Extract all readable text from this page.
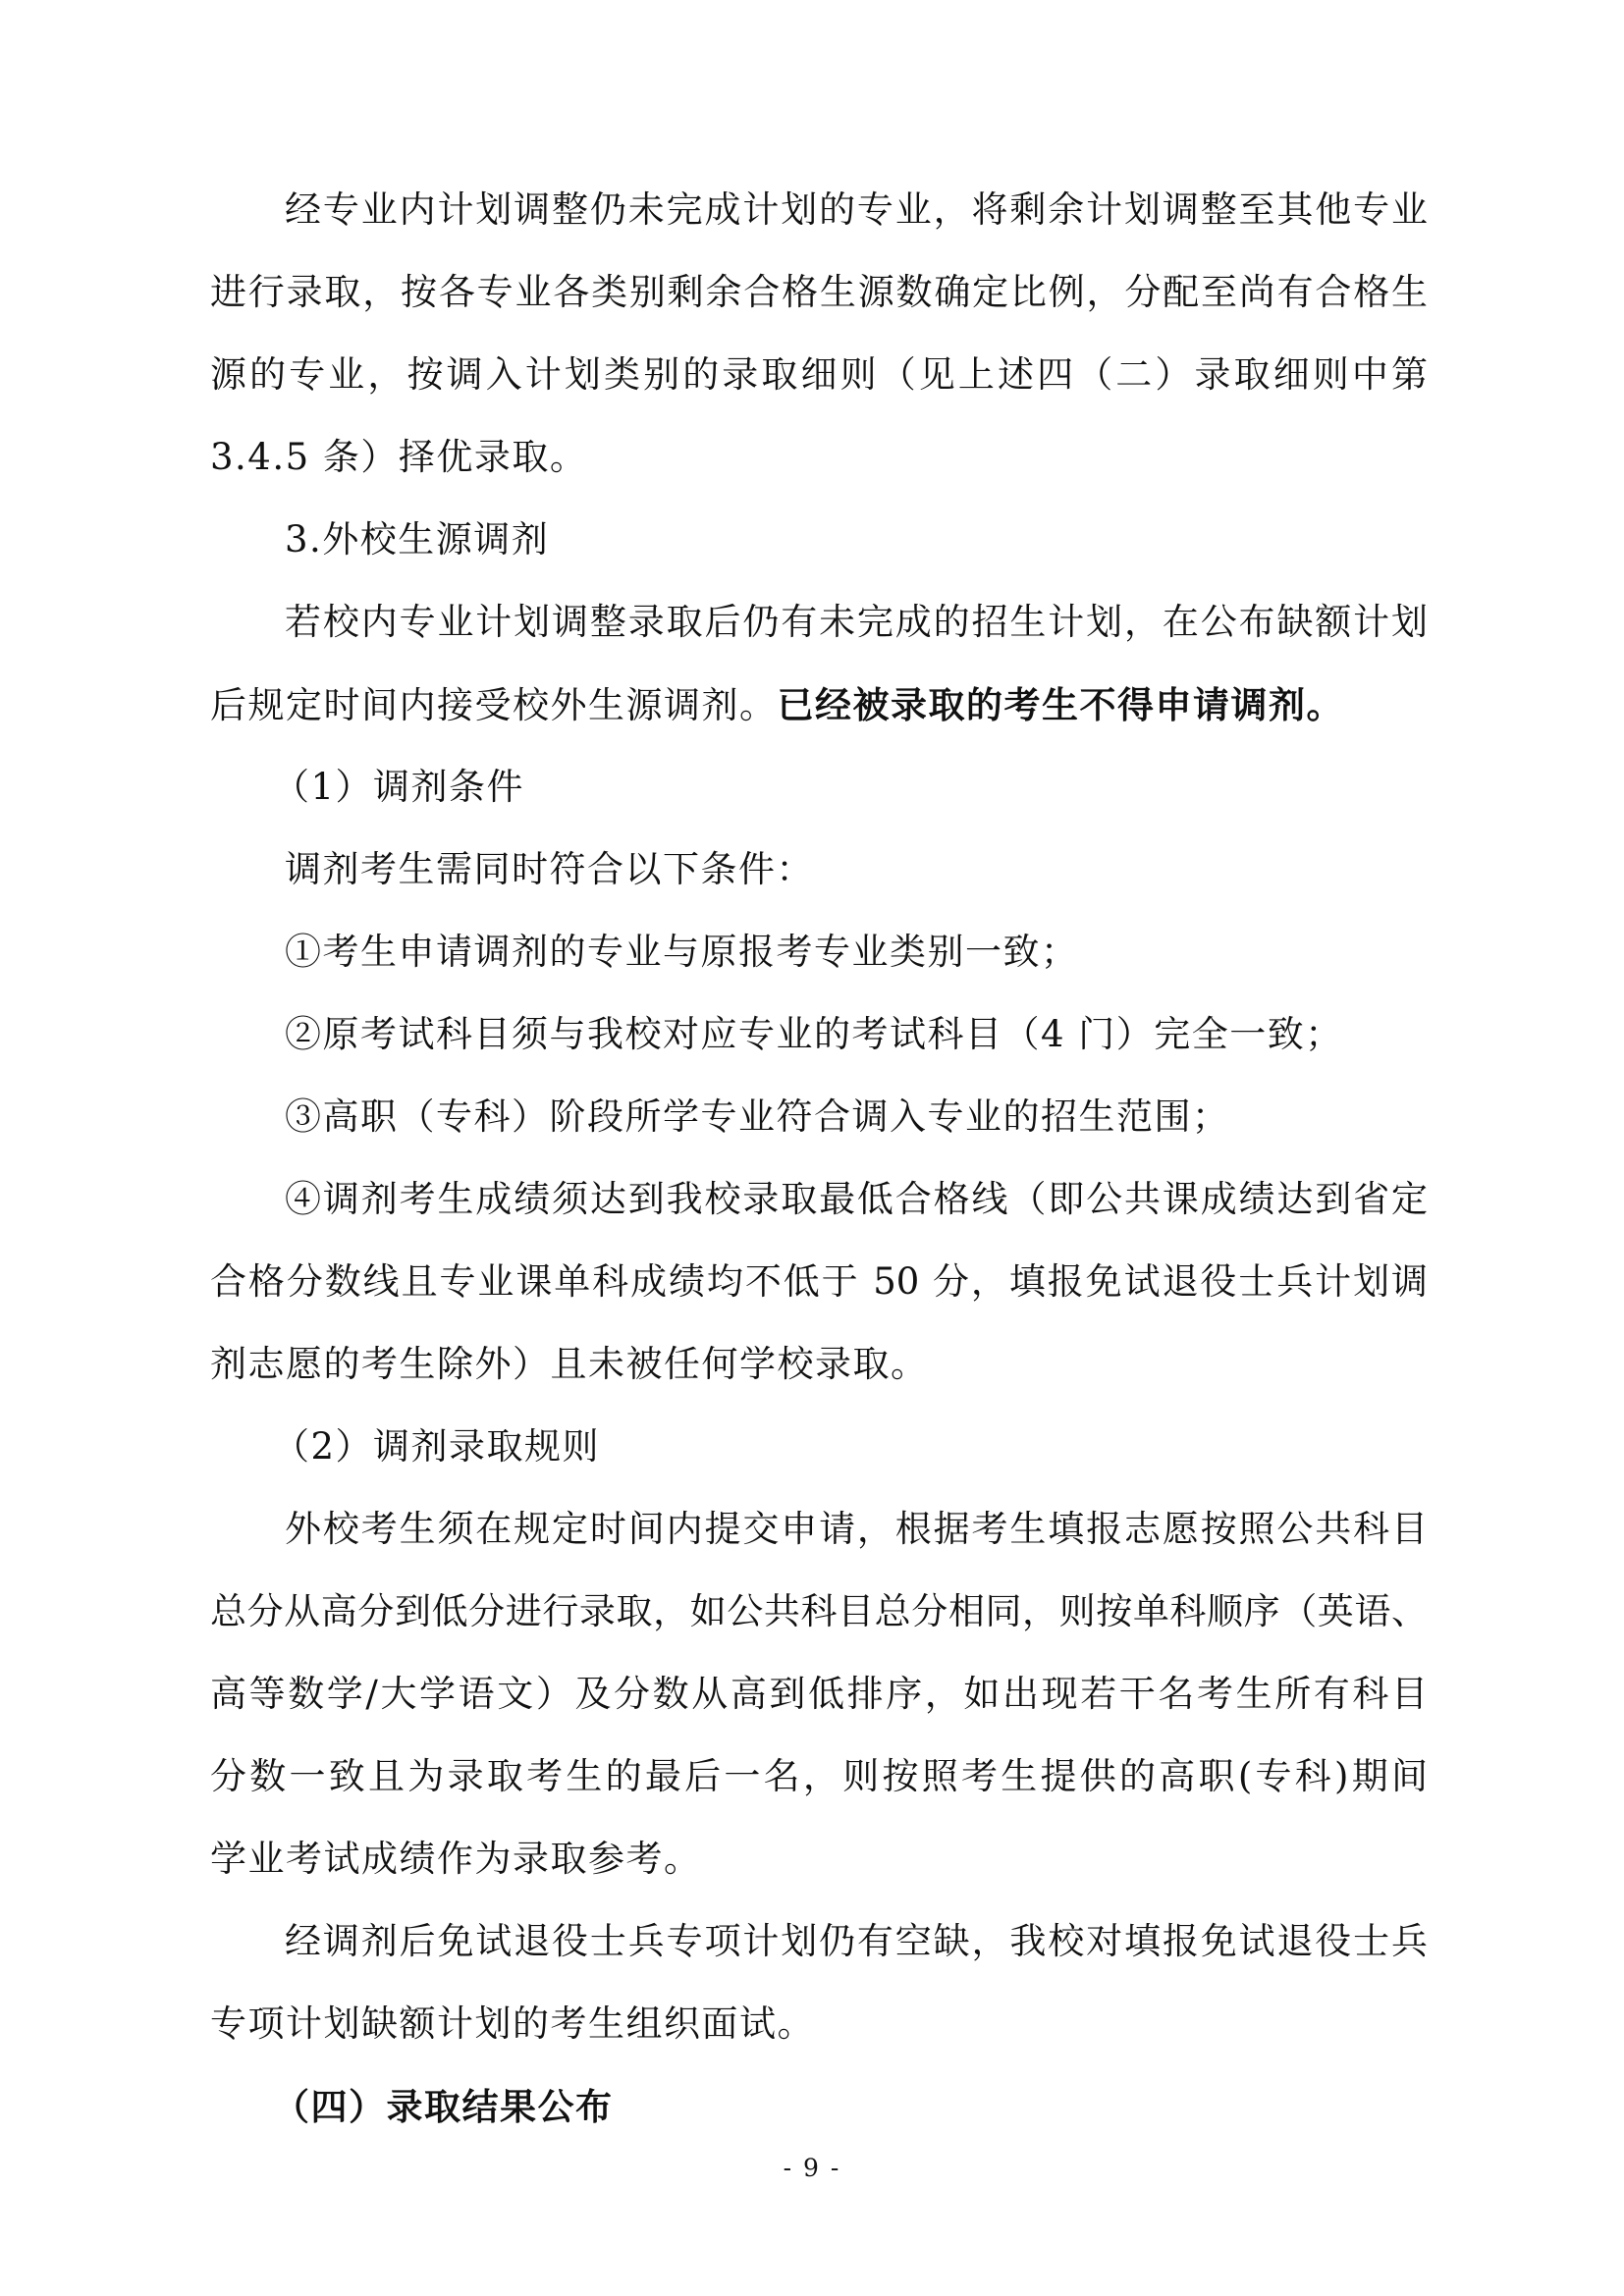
经专业内计划调整仍未完成计划的专业，将剩余计划调整至其他专业
进行录取，按各专业各类别剩余合格生源数确定比例，分配至尚有合格生
源的专业，按调入计划类别的录取细则（见上述四（二）录取细则中第
3.4.5 条）择优录取。
3.外校生源调剂
若校内专业计划调整录取后仍有未完成的招生计划，在公布缺额计划
后规定时间内接受校外生源调剂。已经被录取的考生不得申请调剂。
（1）调剂条件
调剂考生需同时符合以下条件：
①考生申请调剂的专业与原报考专业类别一致；
②原考试科目须与我校对应专业的考试科目（4 门）完全一致；
③高职（专科）阶段所学专业符合调入专业的招生范围；
④调剂考生成绩须达到我校录取最低合格线（即公共课成绩达到省定
合格分数线且专业课单科成绩均不低于 50 分，填报免试退役士兵计划调
剂志愿的考生除外）且未被任何学校录取。
（2）调剂录取规则
外校考生须在规定时间内提交申请，根据考生填报志愿按照公共科目
总分从高分到低分进行录取，如公共科目总分相同，则按单科顺序（英语、
高等数学/大学语文）及分数从高到低排序，如出现若干名考生所有科目
分数一致且为录取考生的最后一名，则按照考生提供的高职(专科)期间
学业考试成绩作为录取参考。
经调剂后免试退役士兵专项计划仍有空缺，我校对填报免试退役士兵
专项计划缺额计划的考生组织面试。
（四）录取结果公布
- 9 -
